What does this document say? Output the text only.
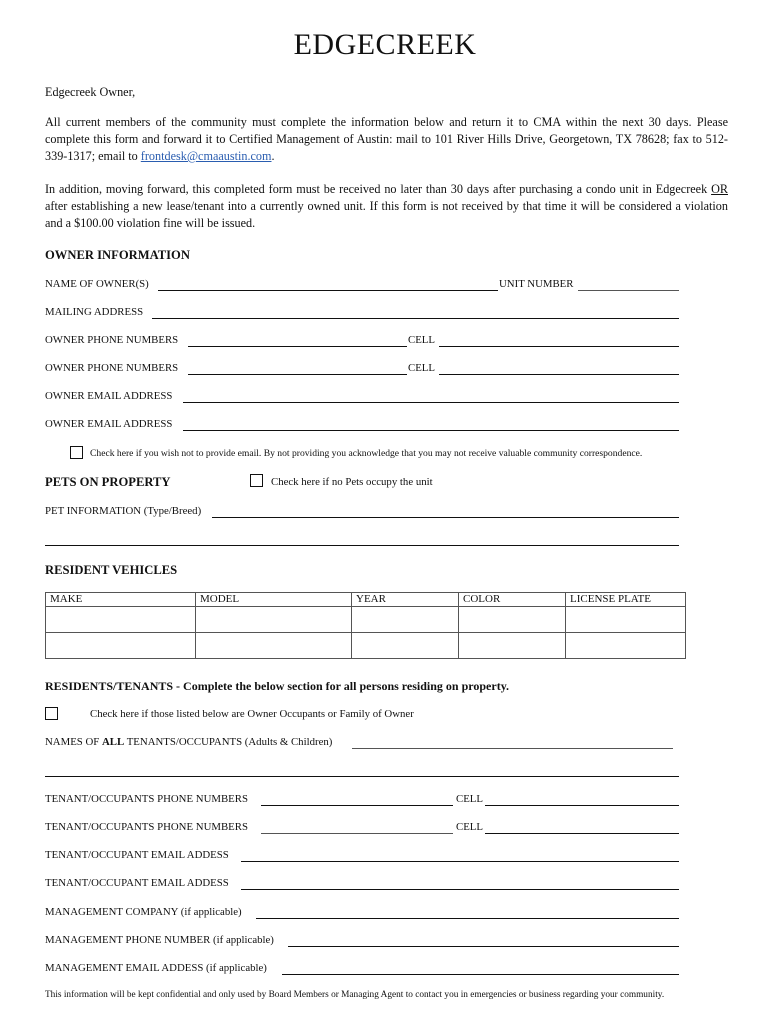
EDGECREEK
Edgecreek Owner,
All current members of the community must complete the information below and return it to CMA within the next 30 days. Please complete this form and forward it to Certified Management of Austin: mail to 101 River Hills Drive, Georgetown, TX 78628; fax to 512-339-1317; email to frontdesk@cmaaustin.com.
In addition, moving forward, this completed form must be received no later than 30 days after purchasing a condo unit in Edgecreek OR after establishing a new lease/tenant into a currently owned unit. If this form is not received by that time it will be considered a violation and a $100.00 violation fine will be issued.
OWNER INFORMATION
NAME OF OWNER(S)	UNIT NUMBER
MAILING ADDRESS
OWNER PHONE NUMBERS	CELL
OWNER PHONE NUMBERS	CELL
OWNER EMAIL ADDRESS
OWNER EMAIL ADDRESS
Check here if you wish not to provide email. By not providing you acknowledge that you may not receive valuable community correspondence.
PETS ON PROPERTY	Check here if no Pets occupy the unit
PET INFORMATION (Type/Breed)
RESIDENT VEHICLES
MAKE	MODEL	YEAR	COLOR	LICENSE PLATE

RESIDENTS/TENANTS - Complete the below section for all persons residing on property.
Check here if those listed below are Owner Occupants or Family of Owner
NAMES OF ALL TENANTS/OCCUPANTS (Adults & Children)
TENANT/OCCUPANTS PHONE NUMBERS	CELL
TENANT/OCCUPANTS PHONE NUMBERS	CELL
TENANT/OCCUPANT EMAIL ADDESS
TENANT/OCCUPANT EMAIL ADDESS
MANAGEMENT COMPANY (if applicable)
MANAGEMENT PHONE NUMBER (if applicable)
MANAGEMENT EMAIL ADDESS (if applicable)
This information will be kept confidential and only used by Board Members or Managing Agent to contact you in emergencies or business regarding your community.
